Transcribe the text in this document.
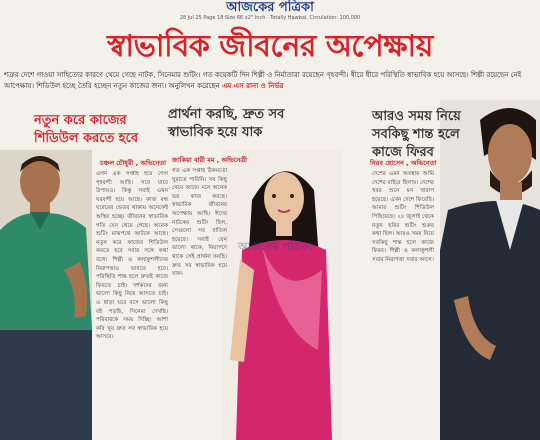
আজকের পত্রিকা
28 Jul 25 Page 18 Size 66 x2" Inch · Totally Hawbal, Circulation: 100,000
স্বাভাবিক জীবনের অপেক্ষায়
শত্রুর দেশে গাওয়া সাহিত্যের কারণে থেমে গেছে নাটক, সিনেমার শুটিং। গত কয়েকটি দিন শিল্পী ও নির্মাতারা রয়েছেন গৃহবন্দী। ধীরে ধীরে পরিস্থিতি স্বাভাবিক হয়ে আসছে। শিল্পী রয়েছেন নেই আপেক্ষায়। শিডিউল হচ্ছে তৈরি হচ্ছেন নতুন কাজের জন্য। অনুলিখন করেছেন এম এস রানা ও নির্ভর
নতুন করে কাজের
শিডিউল করতে হবে
প্রার্থনা করছি, দ্রুত সব
স্বাভাবিক হয়ে যাক
আরও সময় নিয়ে
সবকিছু শান্ত হলে
কাজে ফিরব
চঞ্চল চৌধুরী , অভিনেতা জাকিয়া বারী মম , অভিনেত্রী	নিরব হোসেন , অভিনেতা
এখন এক সপ্তাহ হয়ে গেল গৃহবন্দী আছি। সবে যাবে উপায়ও। কিন্তু সবাই এখন ঘরবন্দী হয়ে আছে। কাজ বন্ধ ঘরেরের ভেতর থাকায় অনেকেই অস্থির হচ্ছে। জীবনের স্বাভাবিক গতি যেন থেমে গেছে। অনেক শুটিং মাঝপথে আটকে আছে। নতুন করে কাজের শিডিউল করতে হবে সবার সঙ্গে কথা বলে। শিল্পী ও কলাকুশলীদের নিরাপত্তাও ভাবতে হবে। পরিস্থিতি শান্ত হলে দ্রুতই কাজে ফিরতে চাই। দর্শকদের জন্য ভালো কিছু নিয়ে আসতে চাই। এ ছাড়া ঘরে বসে ভালো কিছু বই পড়ছি, সিনেমা দেখছি। পরিবারকে সময় দিচ্ছি। আশা করি খুব দ্রুত সব স্বাভাবিক হয়ে আসবে।
গত এক সপ্তাহ ঠিকমতো ঘুমাতে পারিনি। সব কিছু থেমে আছে। মনে অনেক ভয় কাজ করছে। স্বাভাবিক জীবনের অপেক্ষায় আছি। ঈদের নাটকের শুটিং ছিল, সেগুলো সব বাতিল হয়েছে। সবাই যেন ভালো থাকে, নিরাপদে থাকে সেই প্রার্থনা করছি। দ্রুত সব স্বাভাবিক হয়ে যাক।
দেশের এমন অবস্থায় আমি দেশের বাইরে ছিলাম। দেশের খবর শুনে মন খারাপ হয়েছে। এখন দেশে ফিরেছি। আমার শুটিং শিডিউল পিছিয়েছে। ২৮ জুলাই থেকে নতুন ছবির শুটিং শুরুর কথা ছিল। আরও সময় নিয়ে সবকিছু শান্ত হলে কাজে ফিরব। শিল্পী ও কলাকুশলী সবার নিরাপত্তা সবার আগে।
আজকের পত্রিকা
